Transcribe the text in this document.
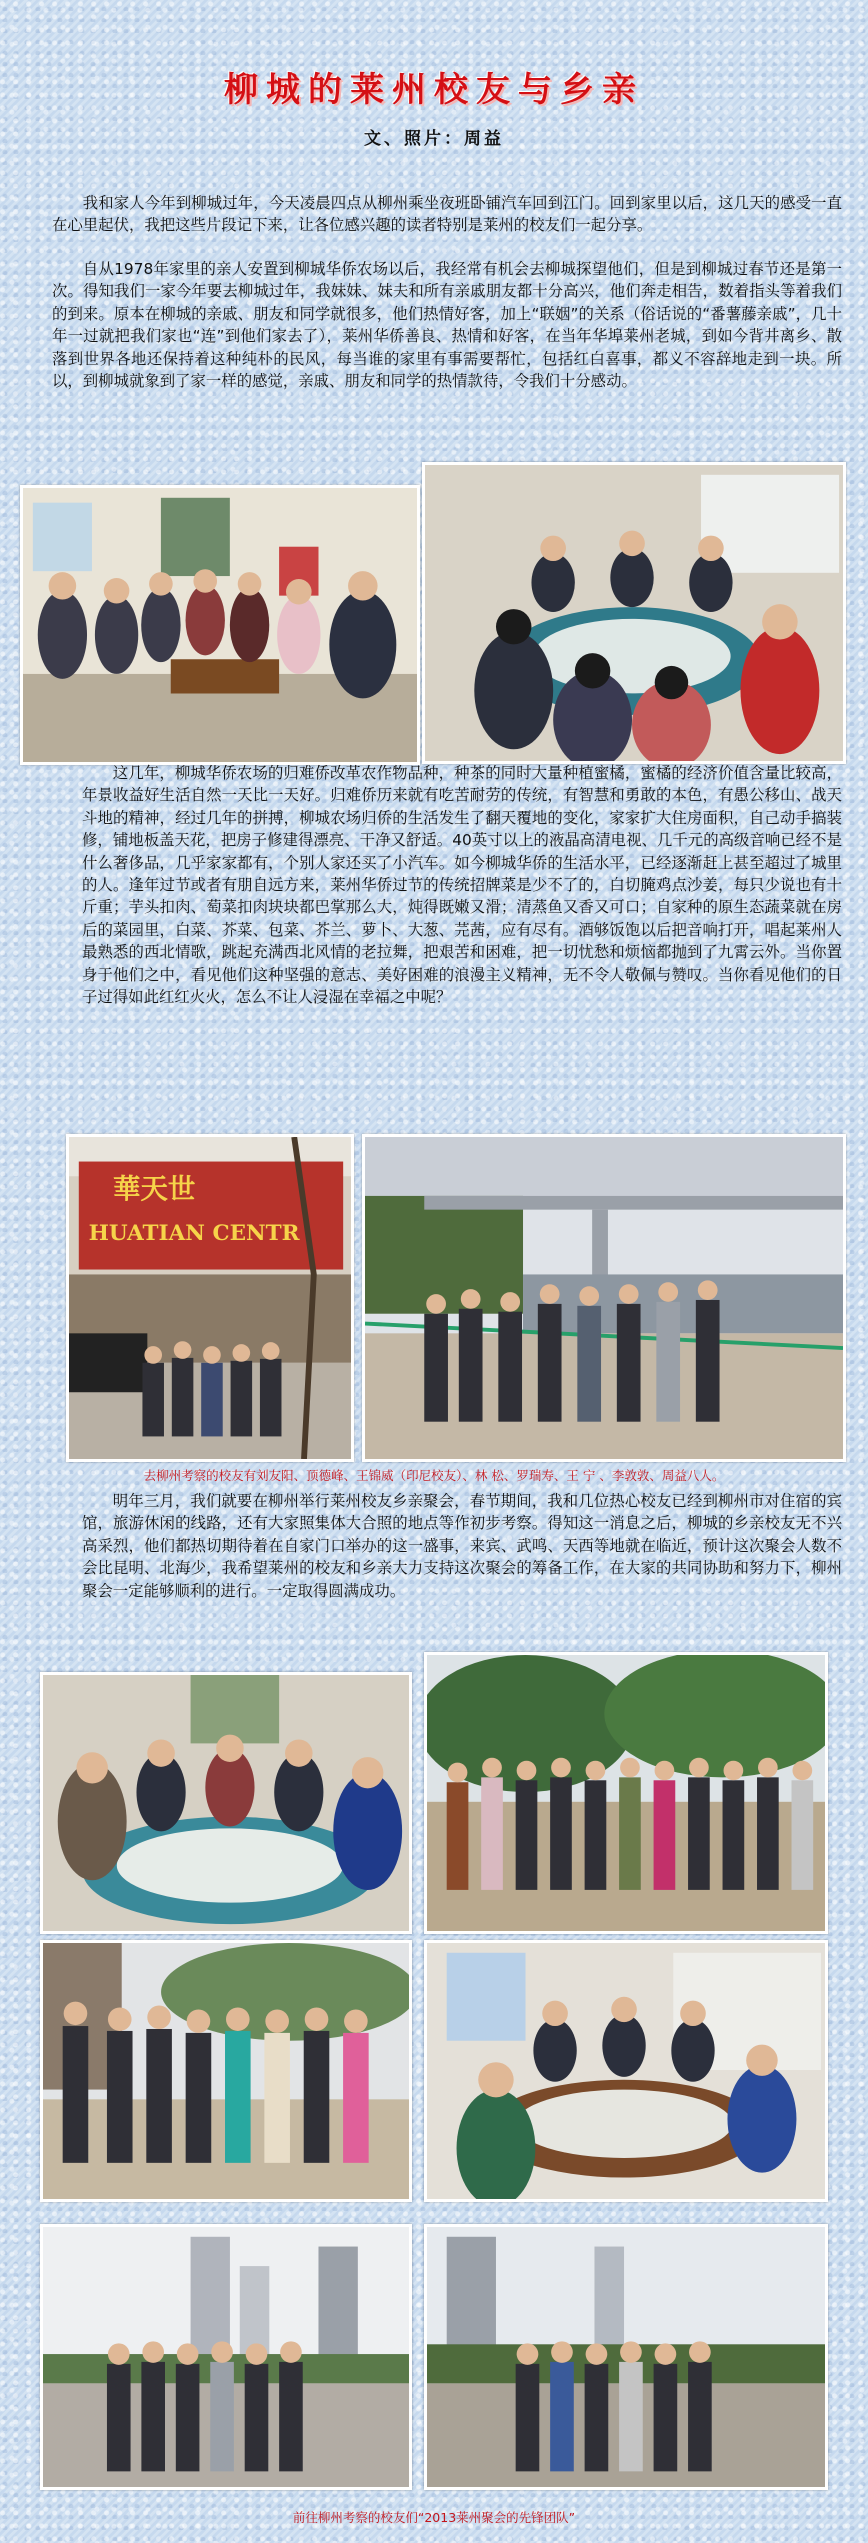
柳城的莱州校友与乡亲
文、照片：周益

我和家人今年到柳城过年，今天凌晨四点从柳州乘坐夜班卧铺汽车回到江门。回到家里以后，这几天的感受一直在心里起伏，我把这些片段记下来，让各位感兴趣的读者特别是莱州的校友们一起分享。

自从1978年家里的亲人安置到柳城华侨农场以后，我经常有机会去柳城探望他们，但是到柳城过春节还是第一次。得知我们一家今年要去柳城过年，我妹妹、妹夫和所有亲戚朋友都十分高兴，他们奔走相告，数着指头等着我们的到来。原本在柳城的亲戚、朋友和同学就很多，他们热情好客，加上“联姻”的关系（俗话说的“番薯藤亲戚”，几十年一过就把我们家也“连”到他们家去了），莱州华侨善良、热情和好客，在当年华埠莱州老城，到如今背井离乡、散落到世界各地还保持着这种纯朴的民风，每当谁的家里有事需要帮忙，包括红白喜事，都义不容辞地走到一块。所以，到柳城就象到了家一样的感觉，亲戚、朋友和同学的热情款待，令我们十分感动。

这几年，柳城华侨农场的归难侨改革农作物品种，种茶的同时大量种植蜜橘，蜜橘的经济价值含量比较高，年景收益好生活自然一天比一天好。归难侨历来就有吃苦耐劳的传统，有智慧和勇敢的本色，有愚公移山、战天斗地的精神，经过几年的拼搏，柳城农场归侨的生活发生了翻天覆地的变化，家家扩大住房面积，自己动手搞装修，铺地板盖天花，把房子修建得漂亮、干净又舒适。40英寸以上的液晶高清电视、几千元的高级音响已经不是什么奢侈品，几乎家家都有，个别人家还买了小汽车。如今柳城华侨的生活水平，已经逐渐赶上甚至超过了城里的人。逢年过节或者有朋自远方来，莱州华侨过节的传统招牌菜是少不了的，白切腌鸡点沙姜，每只少说也有十斤重；芋头扣肉、萄菜扣肉块块都巴掌那么大，炖得既嫩又滑；清蒸鱼又香又可口；自家种的原生态蔬菜就在房后的菜园里，白菜、芥菜、包菜、芥兰、萝卜、大葱、芫茜，应有尽有。酒够饭饱以后把音响打开，唱起莱州人最熟悉的西北情歌，跳起充满西北风情的老拉舞，把艰苦和困难，把一切忧愁和烦恼都抛到了九霄云外。当你置身于他们之中，看见他们这种坚强的意志、美好困难的浪漫主义精神，无不令人敬佩与赞叹。当你看见他们的日子过得如此红红火火，怎么不让人浸湿在幸福之中呢？

華天世
HUATIAN CENTR
去柳州考察的校友有刘友阳、顶德峰、王锦威（印尼校友）、林 松、罗瑞寿、王 宁 、李敦敦、周益八人。

明年三月，我们就要在柳州举行莱州校友乡亲聚会，春节期间，我和几位热心校友已经到柳州市对住宿的宾馆，旅游休闲的线路，还有大家照集体大合照的地点等作初步考察。得知这一消息之后，柳城的乡亲校友无不兴高采烈，他们都热切期待着在自家门口举办的这一盛事，来宾、武鸣、天西等地就在临近，预计这次聚会人数不会比昆明、北海少，我希望莱州的校友和乡亲大力支持这次聚会的筹备工作，在大家的共同协助和努力下，柳州聚会一定能够顺利的进行。一定取得圆满成功。

前往柳州考察的校友们“2013莱州聚会的先锋团队”
